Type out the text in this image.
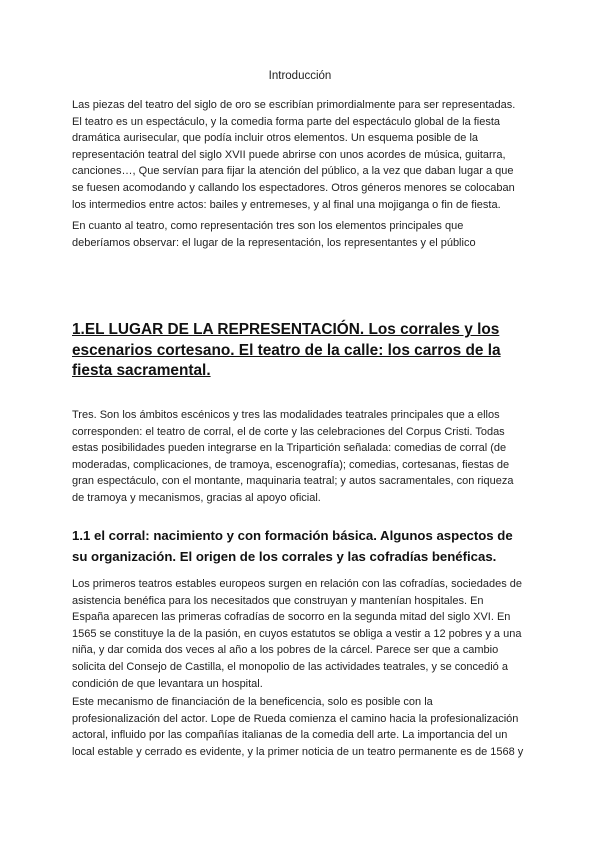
Introducción

Las piezas del teatro del siglo de oro se escribían primordialmente para ser representadas.
El teatro es un espectáculo, y la comedia forma parte del espectáculo global de la fiesta
dramática aurisecular, que podía incluir otros elementos. Un esquema posible de la
representación teatral del siglo XVII puede abrirse con unos acordes de música, guitarra,
canciones…, Que servían para fijar la atención del público, a la vez que daban lugar a que
se fuesen acomodando y callando los espectadores. Otros géneros menores se colocaban
los intermedios entre actos: bailes y entremeses, y al final una mojiganga o fin de fiesta.

En cuanto al teatro, como representación tres son los elementos principales que
deberíamos observar: el lugar de la representación, los representantes y el público

1.EL LUGAR DE LA REPRESENTACIÓN. Los corrales y los
escenarios cortesano. El teatro de la calle: los carros de la
fiesta sacramental.

Tres. Son los ámbitos escénicos y tres las modalidades teatrales principales que a ellos
corresponden: el teatro de corral, el de corte y las celebraciones del Corpus Cristi. Todas
estas posibilidades pueden integrarse en la Tripartición señalada: comedias de corral (de
moderadas, complicaciones, de tramoya, escenografía); comedias, cortesanas, fiestas de
gran espectáculo, con el montante, maquinaria teatral; y autos sacramentales, con riqueza
de tramoya y mecanismos, gracias al apoyo oficial.

1.1 el corral: nacimiento y con formación básica. Algunos aspectos de
su organización. El origen de los corrales y las cofradías benéficas.

Los primeros teatros estables europeos surgen en relación con las cofradías, sociedades de
asistencia benéfica para los necesitados que construyan y mantenían hospitales. En
España aparecen las primeras cofradías de socorro en la segunda mitad del siglo XVI. En
1565 se constituye la de la pasión, en cuyos estatutos se obliga a vestir a 12 pobres y a una
niña, y dar comida dos veces al año a los pobres de la cárcel. Parece ser que a cambio
solicita del Consejo de Castilla, el monopolio de las actividades teatrales, y se concedió a
condición de que levantara un hospital.

Este mecanismo de financiación de la beneficencia, solo es posible con la
profesionalización del actor. Lope de Rueda comienza el camino hacia la profesionalización
actoral, influido por las compañías italianas de la comedia dell arte. La importancia del un
local estable y cerrado es evidente, y la primer noticia de un teatro permanente es de 1568 y
